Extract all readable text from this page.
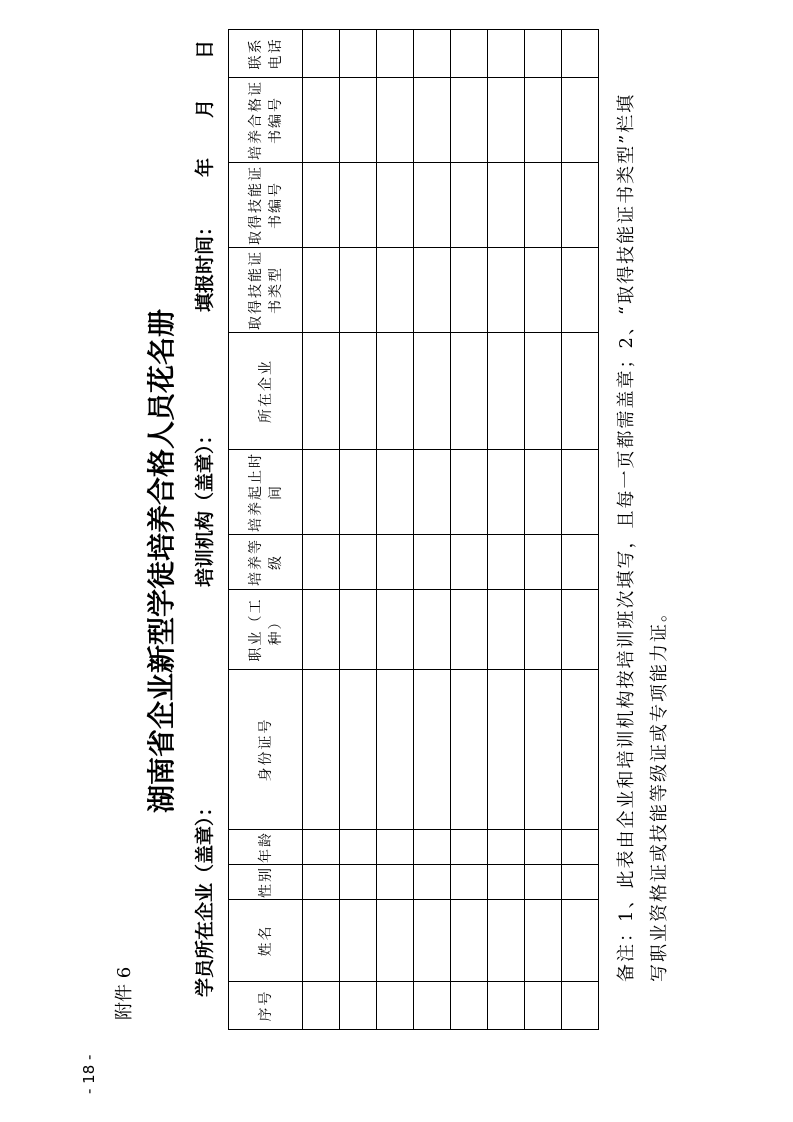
- 18 -
附件 6
湖南省企业新型学徒培养合格人员花名册
学员所在企业（盖章）：
培训机构（盖章）：
填报时间：年月日
序号	姓名	性别	年龄	身份证号	职业（工种）	培养等级	培养起止时间	所在企业	取得技能证书类型	取得技能证书编号	培养合格证书编号	联系电话

备注：1、此表由企业和培训机构按培训班次填写，且每一页都需盖章；2、“取得技能证书类型”栏填写职业资格证或技能等级证或专项能力证。
